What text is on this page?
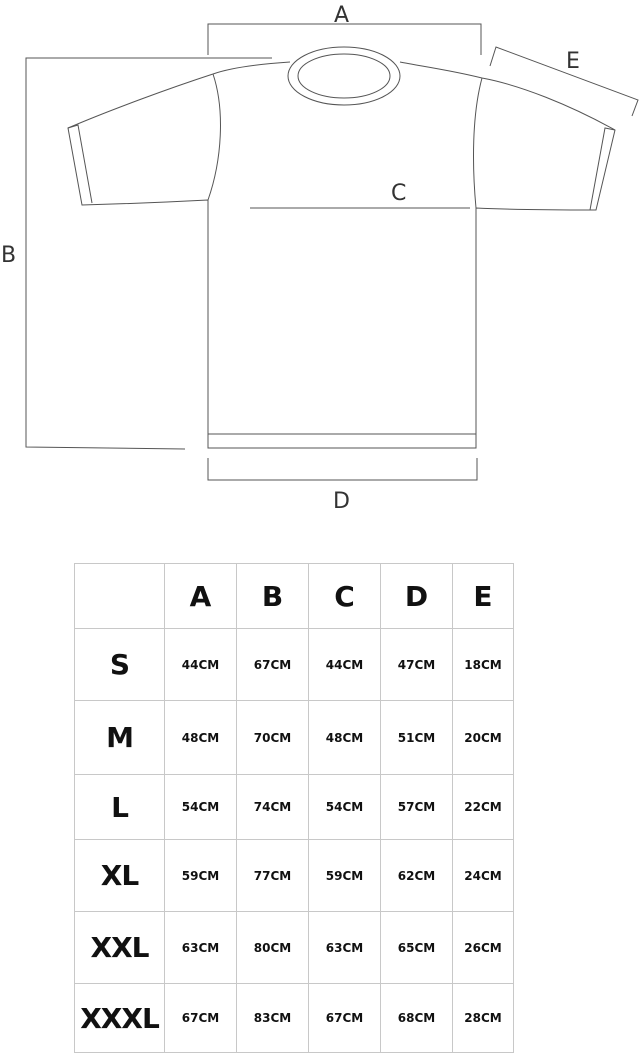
A
B
C
D
E
	A	B	C	D	E
S	44CM	67CM	44CM	47CM	18CM
M	48CM	70CM	48CM	51CM	20CM
L	54CM	74CM	54CM	57CM	22CM
XL	59CM	77CM	59CM	62CM	24CM
XXL	63CM	80CM	63CM	65CM	26CM
XXXL	67CM	83CM	67CM	68CM	28CM
